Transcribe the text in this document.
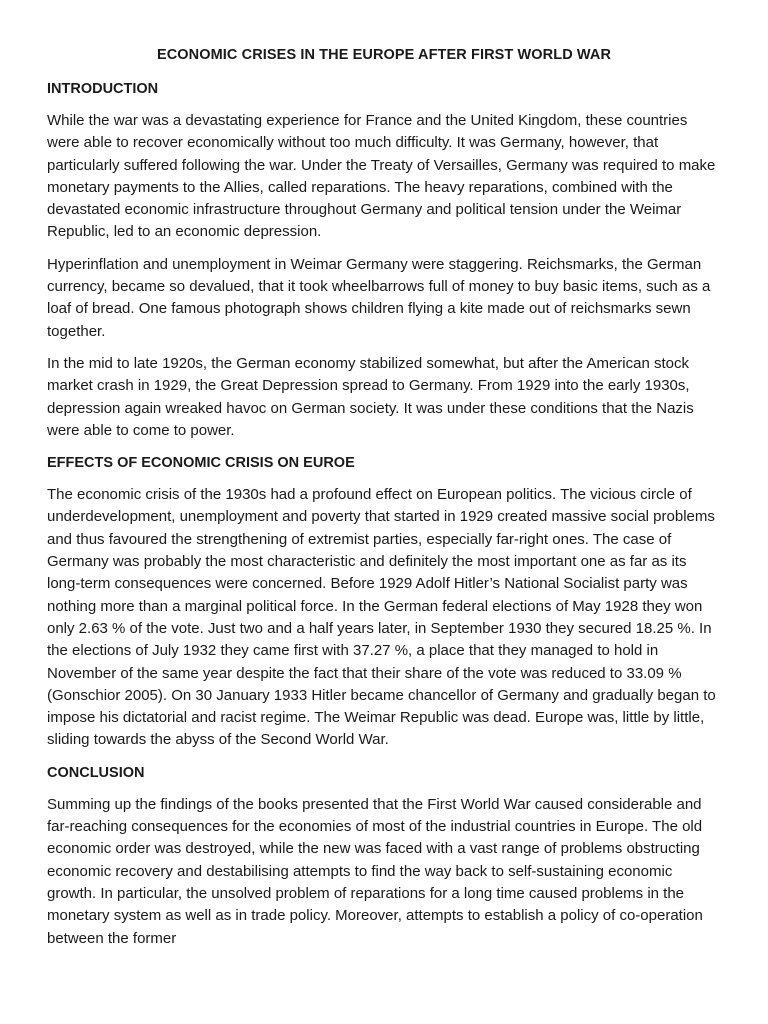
ECONOMIC CRISES IN THE EUROPE AFTER FIRST WORLD WAR
INTRODUCTION

While the war was a devastating experience for France and the United Kingdom, these countries were able to recover economically without too much difficulty. It was Germany, however, that particularly suffered following the war. Under the Treaty of Versailles, Germany was required to make monetary payments to the Allies, called reparations. The heavy reparations, combined with the devastated economic infrastructure throughout Germany and political tension under the Weimar Republic, led to an economic depression.

Hyperinflation and unemployment in Weimar Germany were staggering. Reichsmarks, the German currency, became so devalued, that it took wheelbarrows full of money to buy basic items, such as a loaf of bread. One famous photograph shows children flying a kite made out of reichsmarks sewn together.

In the mid to late 1920s, the German economy stabilized somewhat, but after the American stock market crash in 1929, the Great Depression spread to Germany. From 1929 into the early 1930s, depression again wreaked havoc on German society. It was under these conditions that the Nazis were able to come to power.

EFFECTS OF ECONOMIC CRISIS ON EUROE

The economic crisis of the 1930s had a profound effect on European politics. The vicious circle of underdevelopment, unemployment and poverty that started in 1929 created massive social problems and thus favoured the strengthening of extremist parties, especially far-right ones. The case of Germany was probably the most characteristic and definitely the most important one as far as its long-term consequences were concerned. Before 1929 Adolf Hitler’s National Socialist party was nothing more than a marginal political force. In the German federal elections of May 1928 they won only 2.63 % of the vote. Just two and a half years later, in September 1930 they secured 18.25 %. In the elections of July 1932 they came first with 37.27 %, a place that they managed to hold in November of the same year despite the fact that their share of the vote was reduced to 33.09 % (Gonschior 2005). On 30 January 1933 Hitler became chancellor of Germany and gradually began to impose his dictatorial and racist regime. The Weimar Republic was dead. Europe was, little by little, sliding towards the abyss of the Second World War.

CONCLUSION

Summing up the findings of the books presented that the First World War caused considerable and far-reaching consequences for the economies of most of the industrial countries in Europe. The old economic order was destroyed, while the new was faced with a vast range of problems obstructing economic recovery and destabilising attempts to find the way back to self-sustaining economic growth. In particular, the unsolved problem of reparations for a long time caused problems in the monetary system as well as in trade policy. Moreover, attempts to establish a policy of co-operation between the former
